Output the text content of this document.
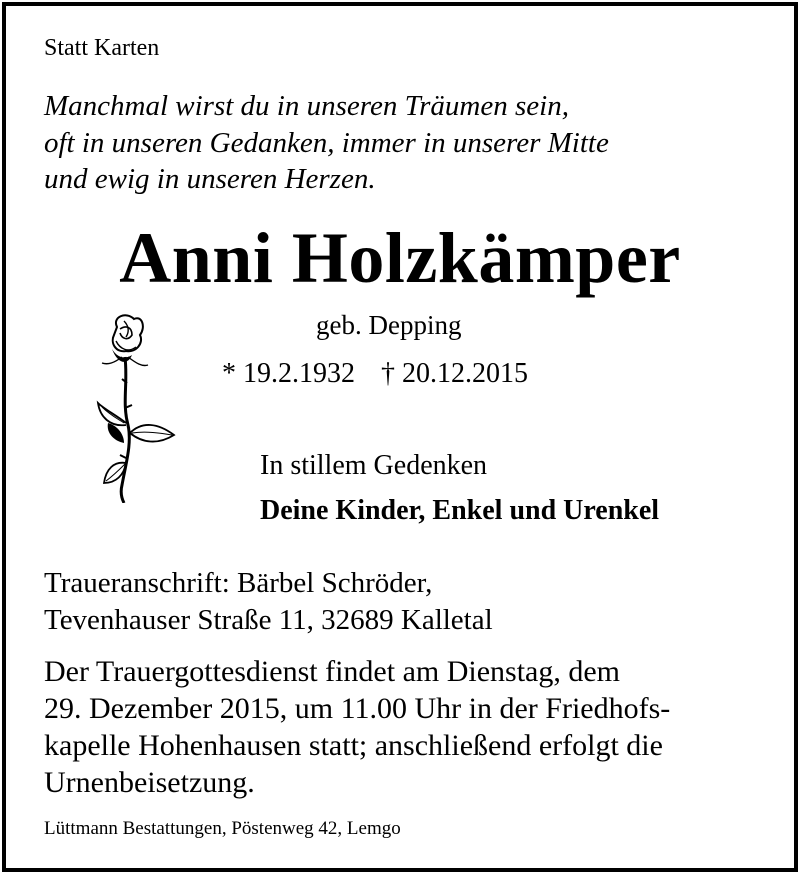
Statt Karten
Manchmal wirst du in unseren Träumen sein,
oft in unseren Gedanken, immer in unserer Mitte
und ewig in unseren Herzen.
Anni Holzkämper
geb. Depping
* 19.2.1932 † 20.12.2015
In stillem Gedenken
Deine Kinder, Enkel und Urenkel
Traueranschrift: Bärbel Schröder,
Tevenhauser Straße 11, 32689 Kalletal
Der Trauergottesdienst findet am Dienstag, dem
29. Dezember 2015, um 11.00 Uhr in der Friedhofs-
kapelle Hohenhausen statt; anschließend erfolgt die
Urnenbeisetzung.
Lüttmann Bestattungen, Pöstenweg 42, Lemgo
